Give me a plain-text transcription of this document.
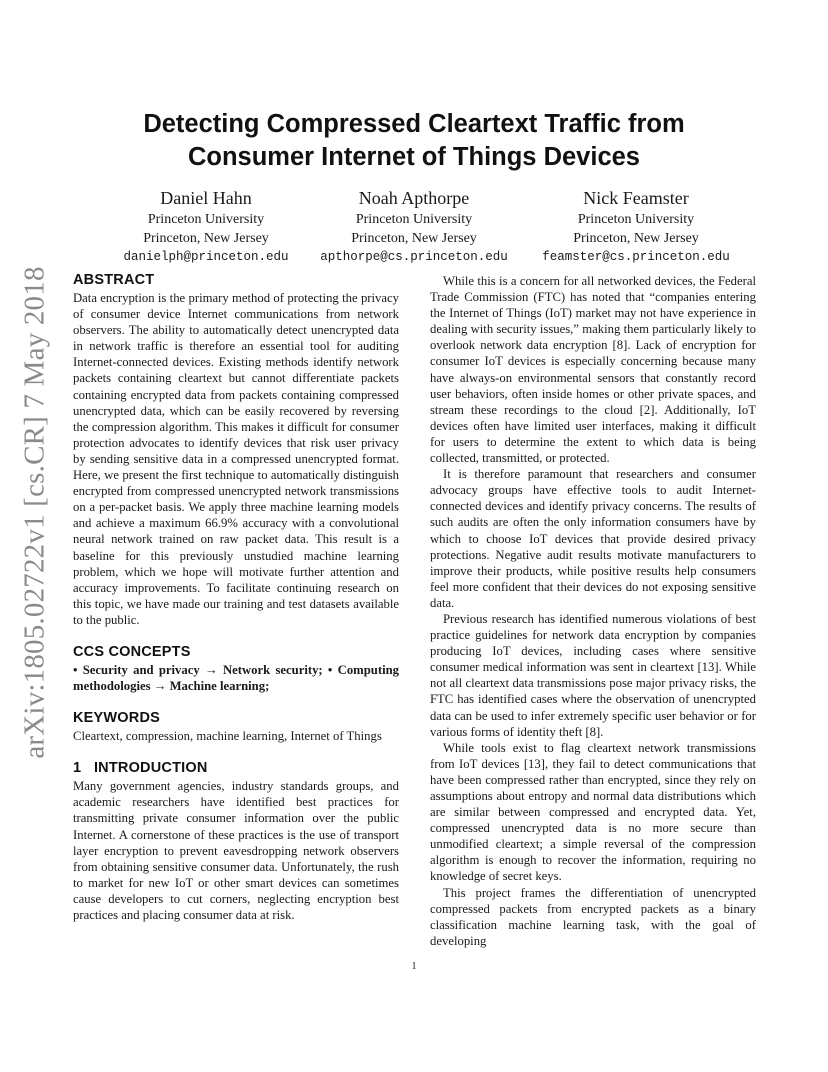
arXiv:1805.02722v1 [cs.CR] 7 May 2018
Detecting Compressed Cleartext Traffic from
Consumer Internet of Things Devices
Daniel Hahn
Princeton University
Princeton, New Jersey
danielph@princeton.edu
Noah Apthorpe
Princeton University
Princeton, New Jersey
apthorpe@cs.princeton.edu
Nick Feamster
Princeton University
Princeton, New Jersey
feamster@cs.princeton.edu
ABSTRACT

Data encryption is the primary method of protecting the privacy of consumer device Internet communications from network observers. The ability to automatically detect unencrypted data in network traffic is therefore an essential tool for auditing Internet-connected devices. Existing methods identify network packets containing cleartext but cannot differentiate packets containing encrypted data from packets containing compressed unencrypted data, which can be easily recovered by reversing the compression algorithm. This makes it difficult for consumer protection advocates to identify devices that risk user privacy by sending sensitive data in a compressed unencrypted format. Here, we present the first technique to automatically distinguish encrypted from compressed unencrypted network transmissions on a per-packet basis. We apply three machine learning models and achieve a maximum 66.9% accuracy with a convolutional neural network trained on raw packet data. This result is a baseline for this previously unstudied machine learning problem, which we hope will motivate further attention and accuracy improvements. To facilitate continuing research on this topic, we have made our training and test datasets available to the public.

CCS CONCEPTS

• Security and privacy → Network security; • Computing methodologies → Machine learning;

KEYWORDS

Cleartext, compression, machine learning, Internet of Things

1   INTRODUCTION

Many government agencies, industry standards groups, and academic researchers have identified best practices for transmitting private consumer information over the public Internet. A cornerstone of these practices is the use of transport layer encryption to prevent eavesdropping network observers from obtaining sensitive consumer data. Unfortunately, the rush to market for new IoT or other smart devices can sometimes cause developers to cut corners, neglecting encryption best practices and placing consumer data at risk.

While this is a concern for all networked devices, the Federal Trade Commission (FTC) has noted that “companies entering the Internet of Things (IoT) market may not have experience in dealing with security issues,” making them particularly likely to overlook network data encryption [8]. Lack of encryption for consumer IoT devices is especially concerning because many have always-on environmental sensors that constantly record user behaviors, often inside homes or other private spaces, and stream these recordings to the cloud [2]. Additionally, IoT devices often have limited user interfaces, making it difficult for users to determine the extent to which data is being collected, transmitted, or protected.

It is therefore paramount that researchers and consumer advocacy groups have effective tools to audit Internet-connected devices and identify privacy concerns. The results of such audits are often the only information consumers have by which to choose IoT devices that provide desired privacy protections. Negative audit results motivate manufacturers to improve their products, while positive results help consumers feel more confident that their devices do not exposing sensitive data.

Previous research has identified numerous violations of best practice guidelines for network data encryption by companies producing IoT devices, including cases where sensitive consumer medical information was sent in cleartext [13]. While not all cleartext data transmissions pose major privacy risks, the FTC has identified cases where the observation of unencrypted data can be used to infer extremely specific user behavior or for various forms of identity theft [8].

While tools exist to flag cleartext network transmissions from IoT devices [13], they fail to detect communications that have been compressed rather than encrypted, since they rely on assumptions about entropy and normal data distributions which are similar between compressed and encrypted data. Yet, compressed unencrypted data is no more secure than unmodified cleartext; a simple reversal of the compression algorithm is enough to recover the information, requiring no knowledge of secret keys.

This project frames the differentiation of unencrypted compressed packets from encrypted packets as a binary classification machine learning task, with the goal of developing

1
